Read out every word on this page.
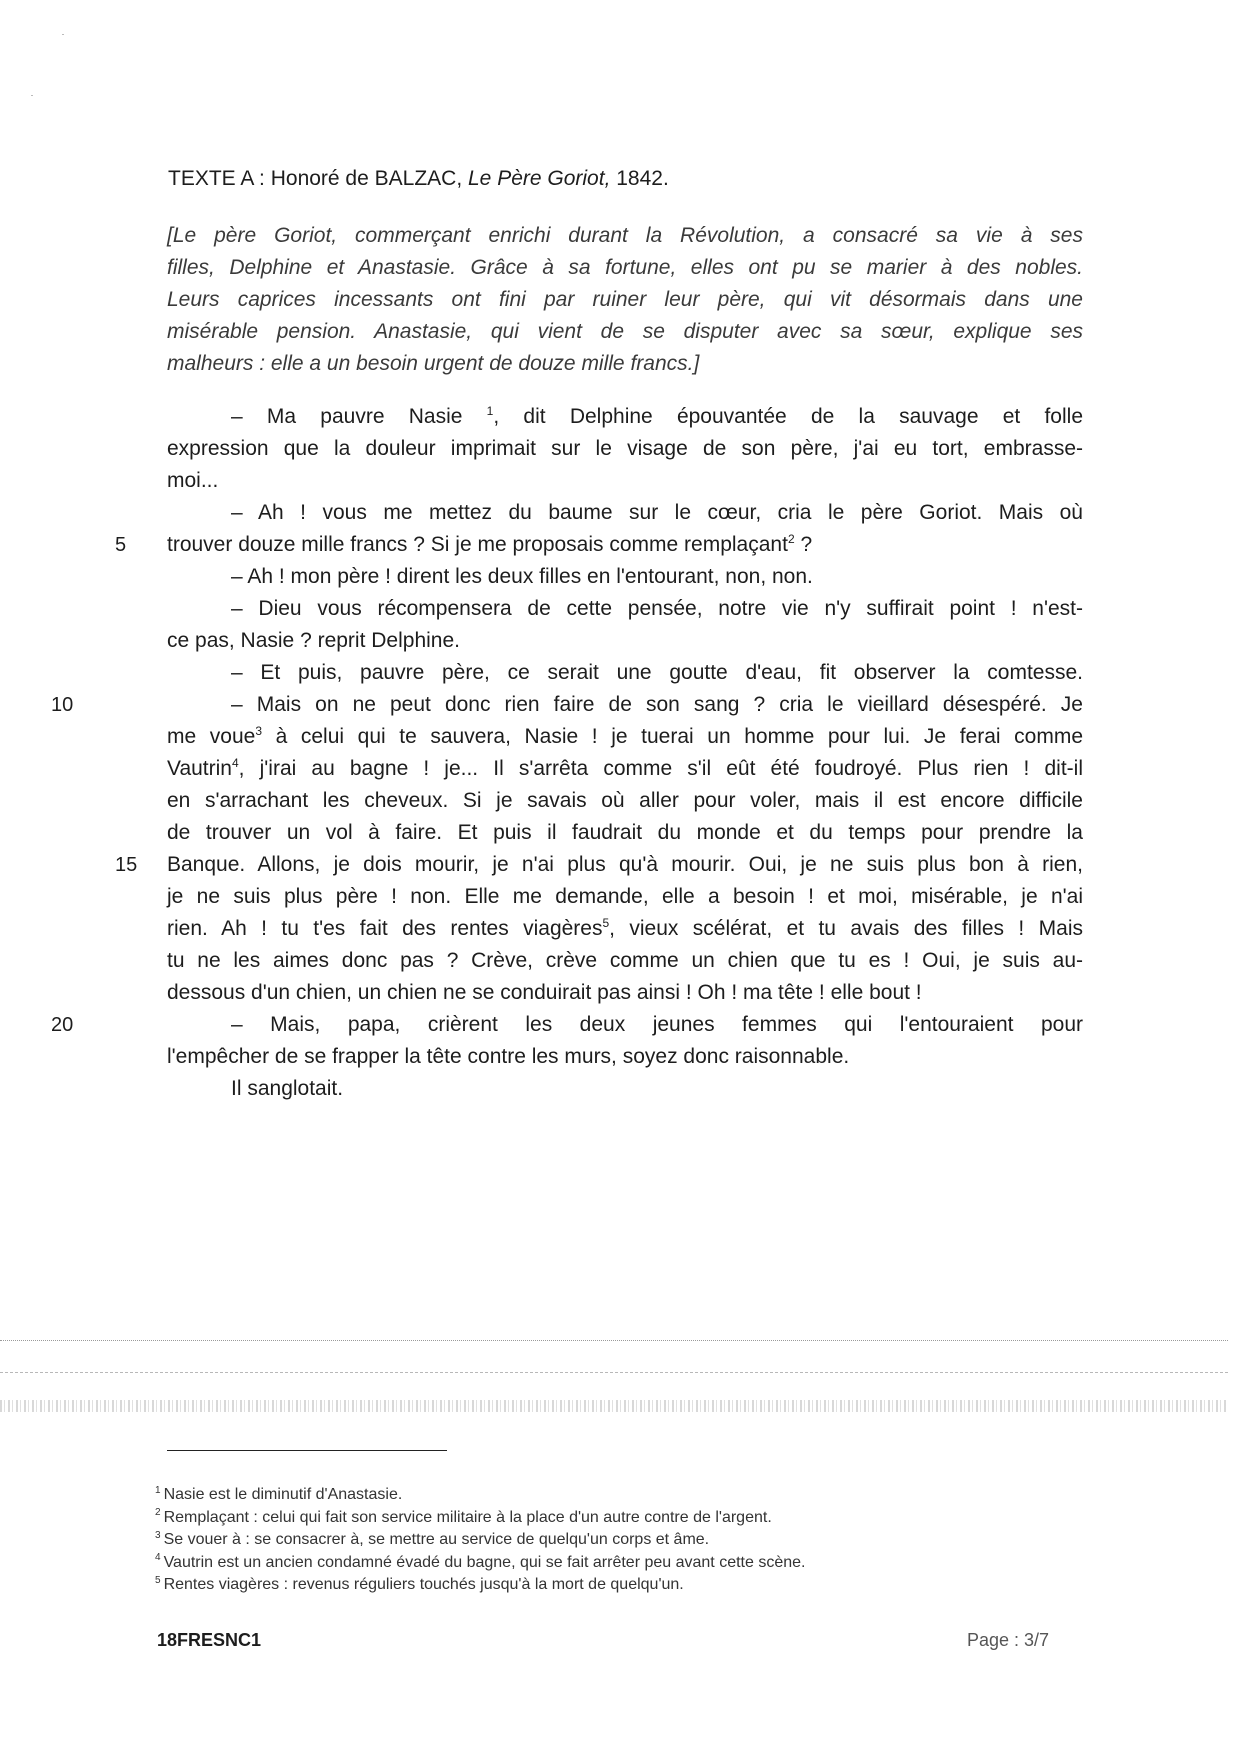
TEXTE A : Honoré de BALZAC, Le Père Goriot, 1842.
[Le père Goriot, commerçant enrichi durant la Révolution, a consacré sa vie à ses
filles, Delphine et Anastasie. Grâce à sa fortune, elles ont pu se marier à des nobles.
Leurs caprices incessants ont fini par ruiner leur père, qui vit désormais dans une
misérable pension. Anastasie, qui vient de se disputer avec sa sœur, explique ses
malheurs : elle a un besoin urgent de douze mille francs.]
– Ma pauvre Nasie $^1$, dit Delphine épouvantée de la sauvage et folle
expression que la douleur imprimait sur le visage de son père, j'ai eu tort, embrasse-
moi...
– Ah ! vous me mettez du baume sur le cœur, cria le père Goriot. Mais où
5	trouver douze mille francs ? Si je me proposais comme remplaçant$^2$ ?
– Ah ! mon père ! dirent les deux filles en l'entourant, non, non.
– Dieu vous récompensera de cette pensée, notre vie n'y suffirait point ! n'est-
ce pas, Nasie ? reprit Delphine.
– Et puis, pauvre père, ce serait une goutte d'eau, fit observer la comtesse.
10	– Mais on ne peut donc rien faire de son sang ? cria le vieillard désespéré. Je
me voue$^3$ à celui qui te sauvera, Nasie ! je tuerai un homme pour lui. Je ferai comme
Vautrin$^4$, j'irai au bagne ! je... Il s'arrêta comme s'il eût été foudroyé. Plus rien ! dit-il
en s'arrachant les cheveux. Si je savais où aller pour voler, mais il est encore difficile
de trouver un vol à faire. Et puis il faudrait du monde et du temps pour prendre la
15	Banque. Allons, je dois mourir, je n'ai plus qu'à mourir. Oui, je ne suis plus bon à rien,
je ne suis plus père ! non. Elle me demande, elle a besoin ! et moi, misérable, je n'ai
rien. Ah ! tu t'es fait des rentes viagères$^5$, vieux scélérat, et tu avais des filles ! Mais
tu ne les aimes donc pas ? Crève, crève comme un chien que tu es ! Oui, je suis au-
dessous d'un chien, un chien ne se conduirait pas ainsi ! Oh ! ma tête ! elle bout !
20	– Mais, papa, crièrent les deux jeunes femmes qui l'entouraient pour
l'empêcher de se frapper la tête contre les murs, soyez donc raisonnable.
Il sanglotait.
$^1$ Nasie est le diminutif d'Anastasie.
$^2$ Remplaçant : celui qui fait son service militaire à la place d'un autre contre de l'argent.
$^3$ Se vouer à : se consacrer à, se mettre au service de quelqu'un corps et âme.
$^4$ Vautrin est un ancien condamné évadé du bagne, qui se fait arrêter peu avant cette scène.
$^5$ Rentes viagères : revenus réguliers touchés jusqu'à la mort de quelqu'un.
18FRESNC1	Page : 3/7
